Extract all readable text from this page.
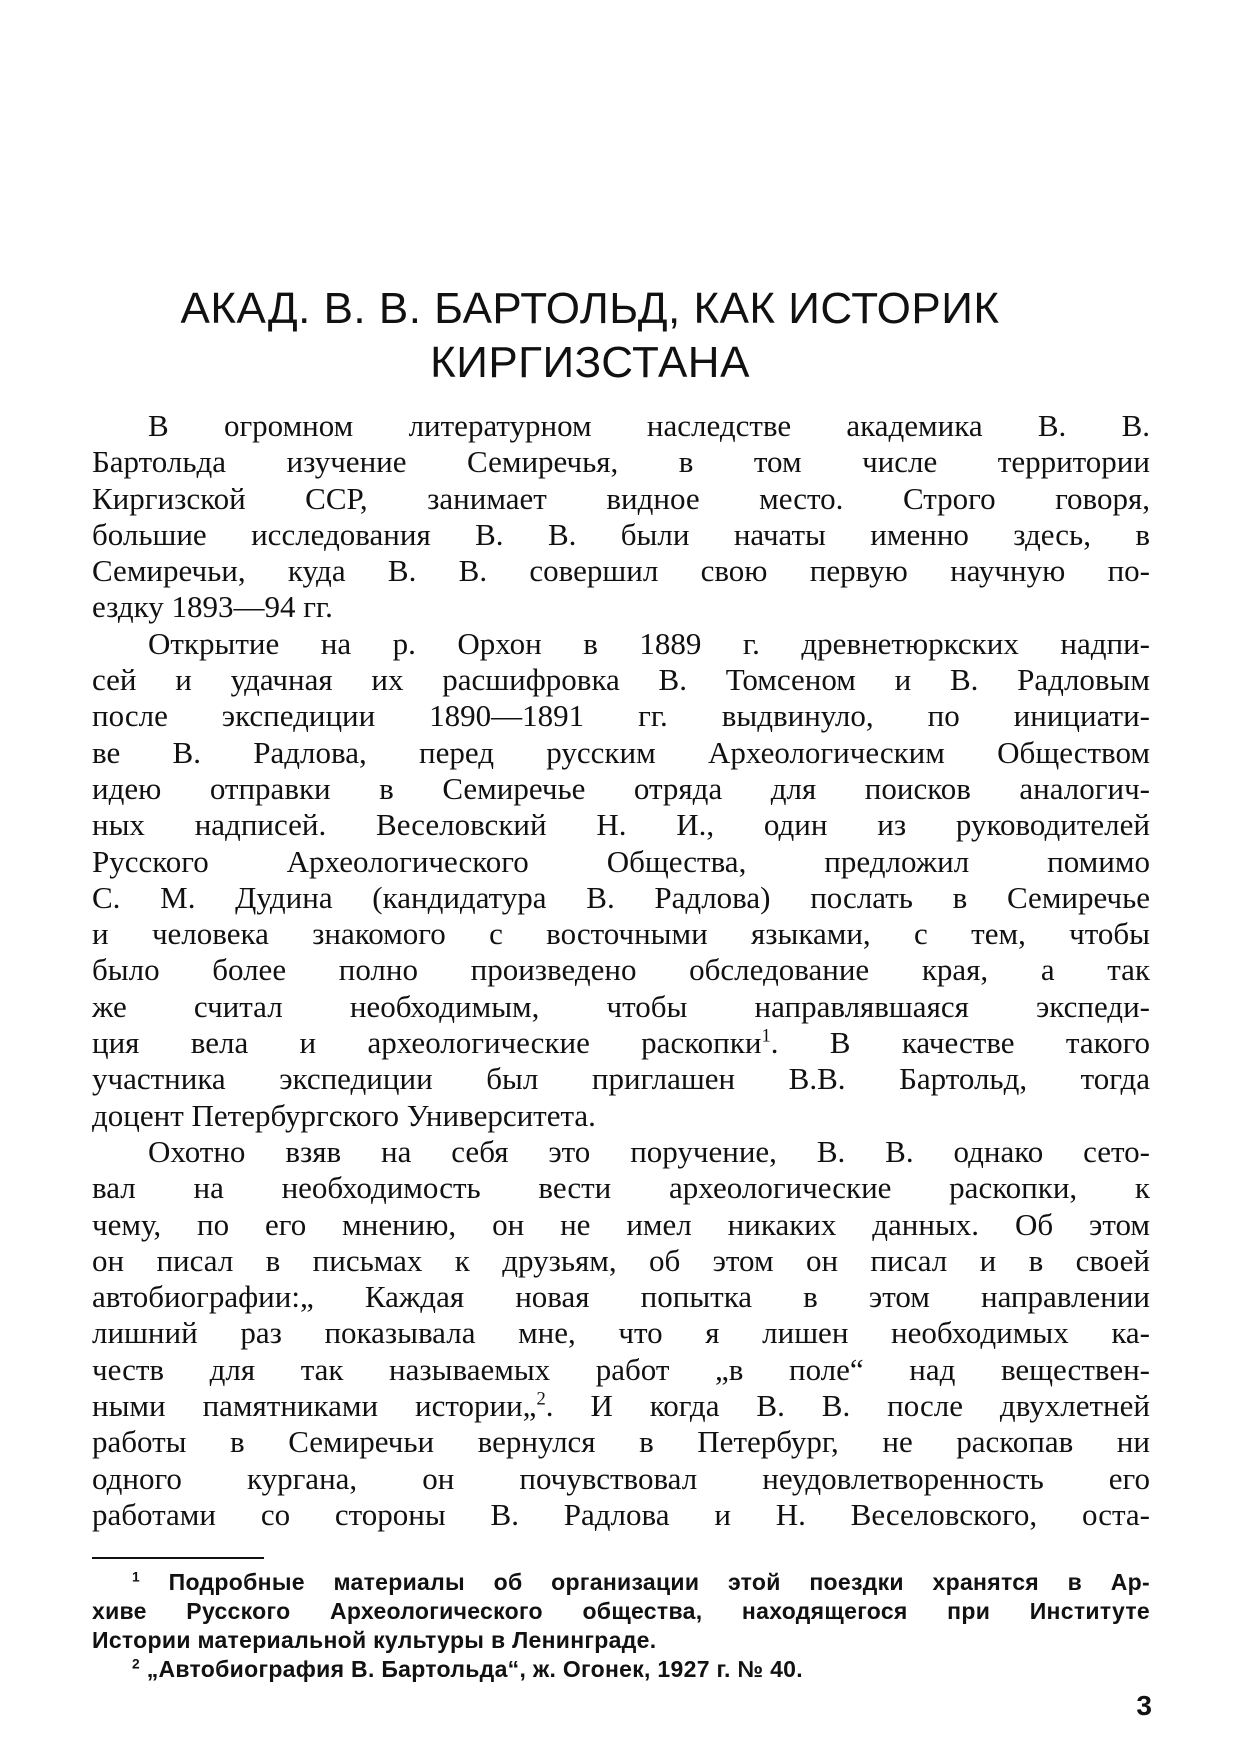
АКАД. В. В. БАРТОЛЬД, КАК ИСТОРИК
КИРГИЗСТАНА
В огромном литературном наследстве академика В. В.
Бартольда изучение Семиречья, в том числе территории
Киргизской ССР, занимает видное место. Строго говоря,
большие исследования В. В. были начаты именно здесь, в
Семиречьи, куда В. В. совершил свою первую научную по-
ездку 1893—94 гг.
Открытие на р. Орхон в 1889 г. древнетюркских надпи-
сей и удачная их расшифровка В. Томсеном и В. Радловым
после экспедиции 1890—1891 гг. выдвинуло, по инициати-
ве В. Радлова, перед русским Археологическим Обществом
идею отправки в Семиречье отряда для поисков аналогич-
ных надписей. Веселовский Н. И., один из руководителей
Русского Археологического Общества, предложил помимо
С. М. Дудина (кандидатура В. Радлова) послать в Семиречье
и человека знакомого с восточными языками, с тем, чтобы
было более полно произведено обследование края, а так
же считал необходимым, чтобы направлявшаяся экспеди-
ция вела и археологические раскопки$^1$. В качестве такого
участника экспедиции был приглашен В.В. Бартольд, тогда
доцент Петербургского Университета.
Охотно взяв на себя это поручение, В. В. однако сето-
вал на необходимость вести археологические раскопки, к
чему, по его мнению, он не имел никаких данных. Об этом
он писал в письмах к друзьям, об этом он писал и в своей
автобиографии:„ Каждая новая попытка в этом направлении
лишний раз показывала мне, что я лишен необходимых ка-
честв для так называемых работ „в поле“ над веществен-
ными памятниками истории„$^2$. И когда В. В. после двухлетней
работы в Семиречьи вернулся в Петербург, не раскопав ни
одного кургана, он почувствовал неудовлетворенность его
работами со стороны В. Радлова и Н. Веселовского, оста-
$^1$ Подробные материалы об организации этой поездки хранятся в Ар-
хиве Русского Археологического общества, находящегося при Институте
Истории материальной культуры в Ленинграде.
$^2$ „Автобиография В. Бартольда“, ж. Огонек, 1927 г. № 40.
3
